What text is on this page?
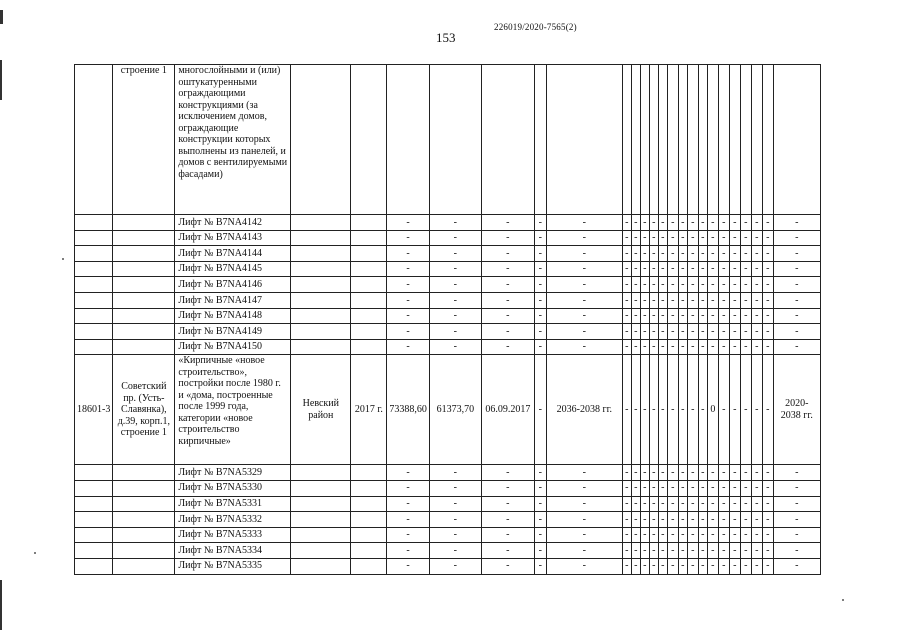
226019/2020-7565(2)
153
	строение 1	многослойными и (или) оштукатуренными ограждающими конструкциями (за исключением домов, ограждающие конструкции которых выполнены из панелей, и домов с вентилируемыми фасадами)																							
		Лифт № В7NA4142			-	-	-	-	-	-	-	-	-	-	-	-	-	-	-	-	-	-	-	-	-
		Лифт № В7NA4143			-	-	-	-	-	-	-	-	-	-	-	-	-	-	-	-	-	-	-	-	-
		Лифт № В7NA4144			-	-	-	-	-	-	-	-	-	-	-	-	-	-	-	-	-	-	-	-	-
		Лифт № В7NA4145			-	-	-	-	-	-	-	-	-	-	-	-	-	-	-	-	-	-	-	-	-
		Лифт № В7NA4146			-	-	-	-	-	-	-	-	-	-	-	-	-	-	-	-	-	-	-	-	-
		Лифт № В7NA4147			-	-	-	-	-	-	-	-	-	-	-	-	-	-	-	-	-	-	-	-	-
		Лифт № В7NA4148			-	-	-	-	-	-	-	-	-	-	-	-	-	-	-	-	-	-	-	-	-
		Лифт № В7NA4149			-	-	-	-	-	-	-	-	-	-	-	-	-	-	-	-	-	-	-	-	-
		Лифт № В7NA4150			-	-	-	-	-	-	-	-	-	-	-	-	-	-	-	-	-	-	-	-	-
18601-3	Советский пр. (Усть-Славянка), д.39, корп.1, строение 1	«Кирпичные «новое строительство», постройки после 1980 г. и «дома, построенные после 1999 года, категории «новое строительство кирпичные»	Невский район	2017 г.	73388,60	61373,70	06.09.2017	-	2036-2038 гг.	-	-	-	-	-	-	-	-	-	0	-	-	-	-	-	2020-2038 гг.
		Лифт № В7NA5329			-	-	-	-	-	-	-	-	-	-	-	-	-	-	-	-	-	-	-	-	-
		Лифт № В7NA5330			-	-	-	-	-	-	-	-	-	-	-	-	-	-	-	-	-	-	-	-	-
		Лифт № В7NA5331			-	-	-	-	-	-	-	-	-	-	-	-	-	-	-	-	-	-	-	-	-
		Лифт № В7NA5332			-	-	-	-	-	-	-	-	-	-	-	-	-	-	-	-	-	-	-	-	-
		Лифт № В7NA5333			-	-	-	-	-	-	-	-	-	-	-	-	-	-	-	-	-	-	-	-	-
		Лифт № В7NA5334			-	-	-	-	-	-	-	-	-	-	-	-	-	-	-	-	-	-	-	-	-
		Лифт № В7NA5335			-	-	-	-	-	-	-	-	-	-	-	-	-	-	-	-	-	-	-	-	-
